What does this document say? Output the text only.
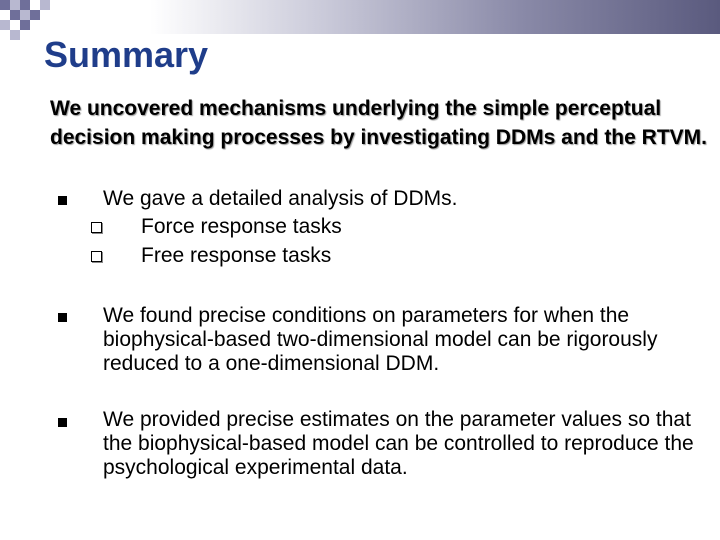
Summary

We uncovered mechanisms underlying the simple perceptual decision making processes by investigating DDMs and the RTVM.

We gave a detailed analysis of DDMs.

Force response tasks

Free response tasks

We found precise conditions on parameters for when the biophysical-based two-dimensional model can be rigorously reduced to a one-dimensional DDM.

We provided precise estimates on the parameter values so that the biophysical-based model can be controlled to reproduce the psychological experimental data.
